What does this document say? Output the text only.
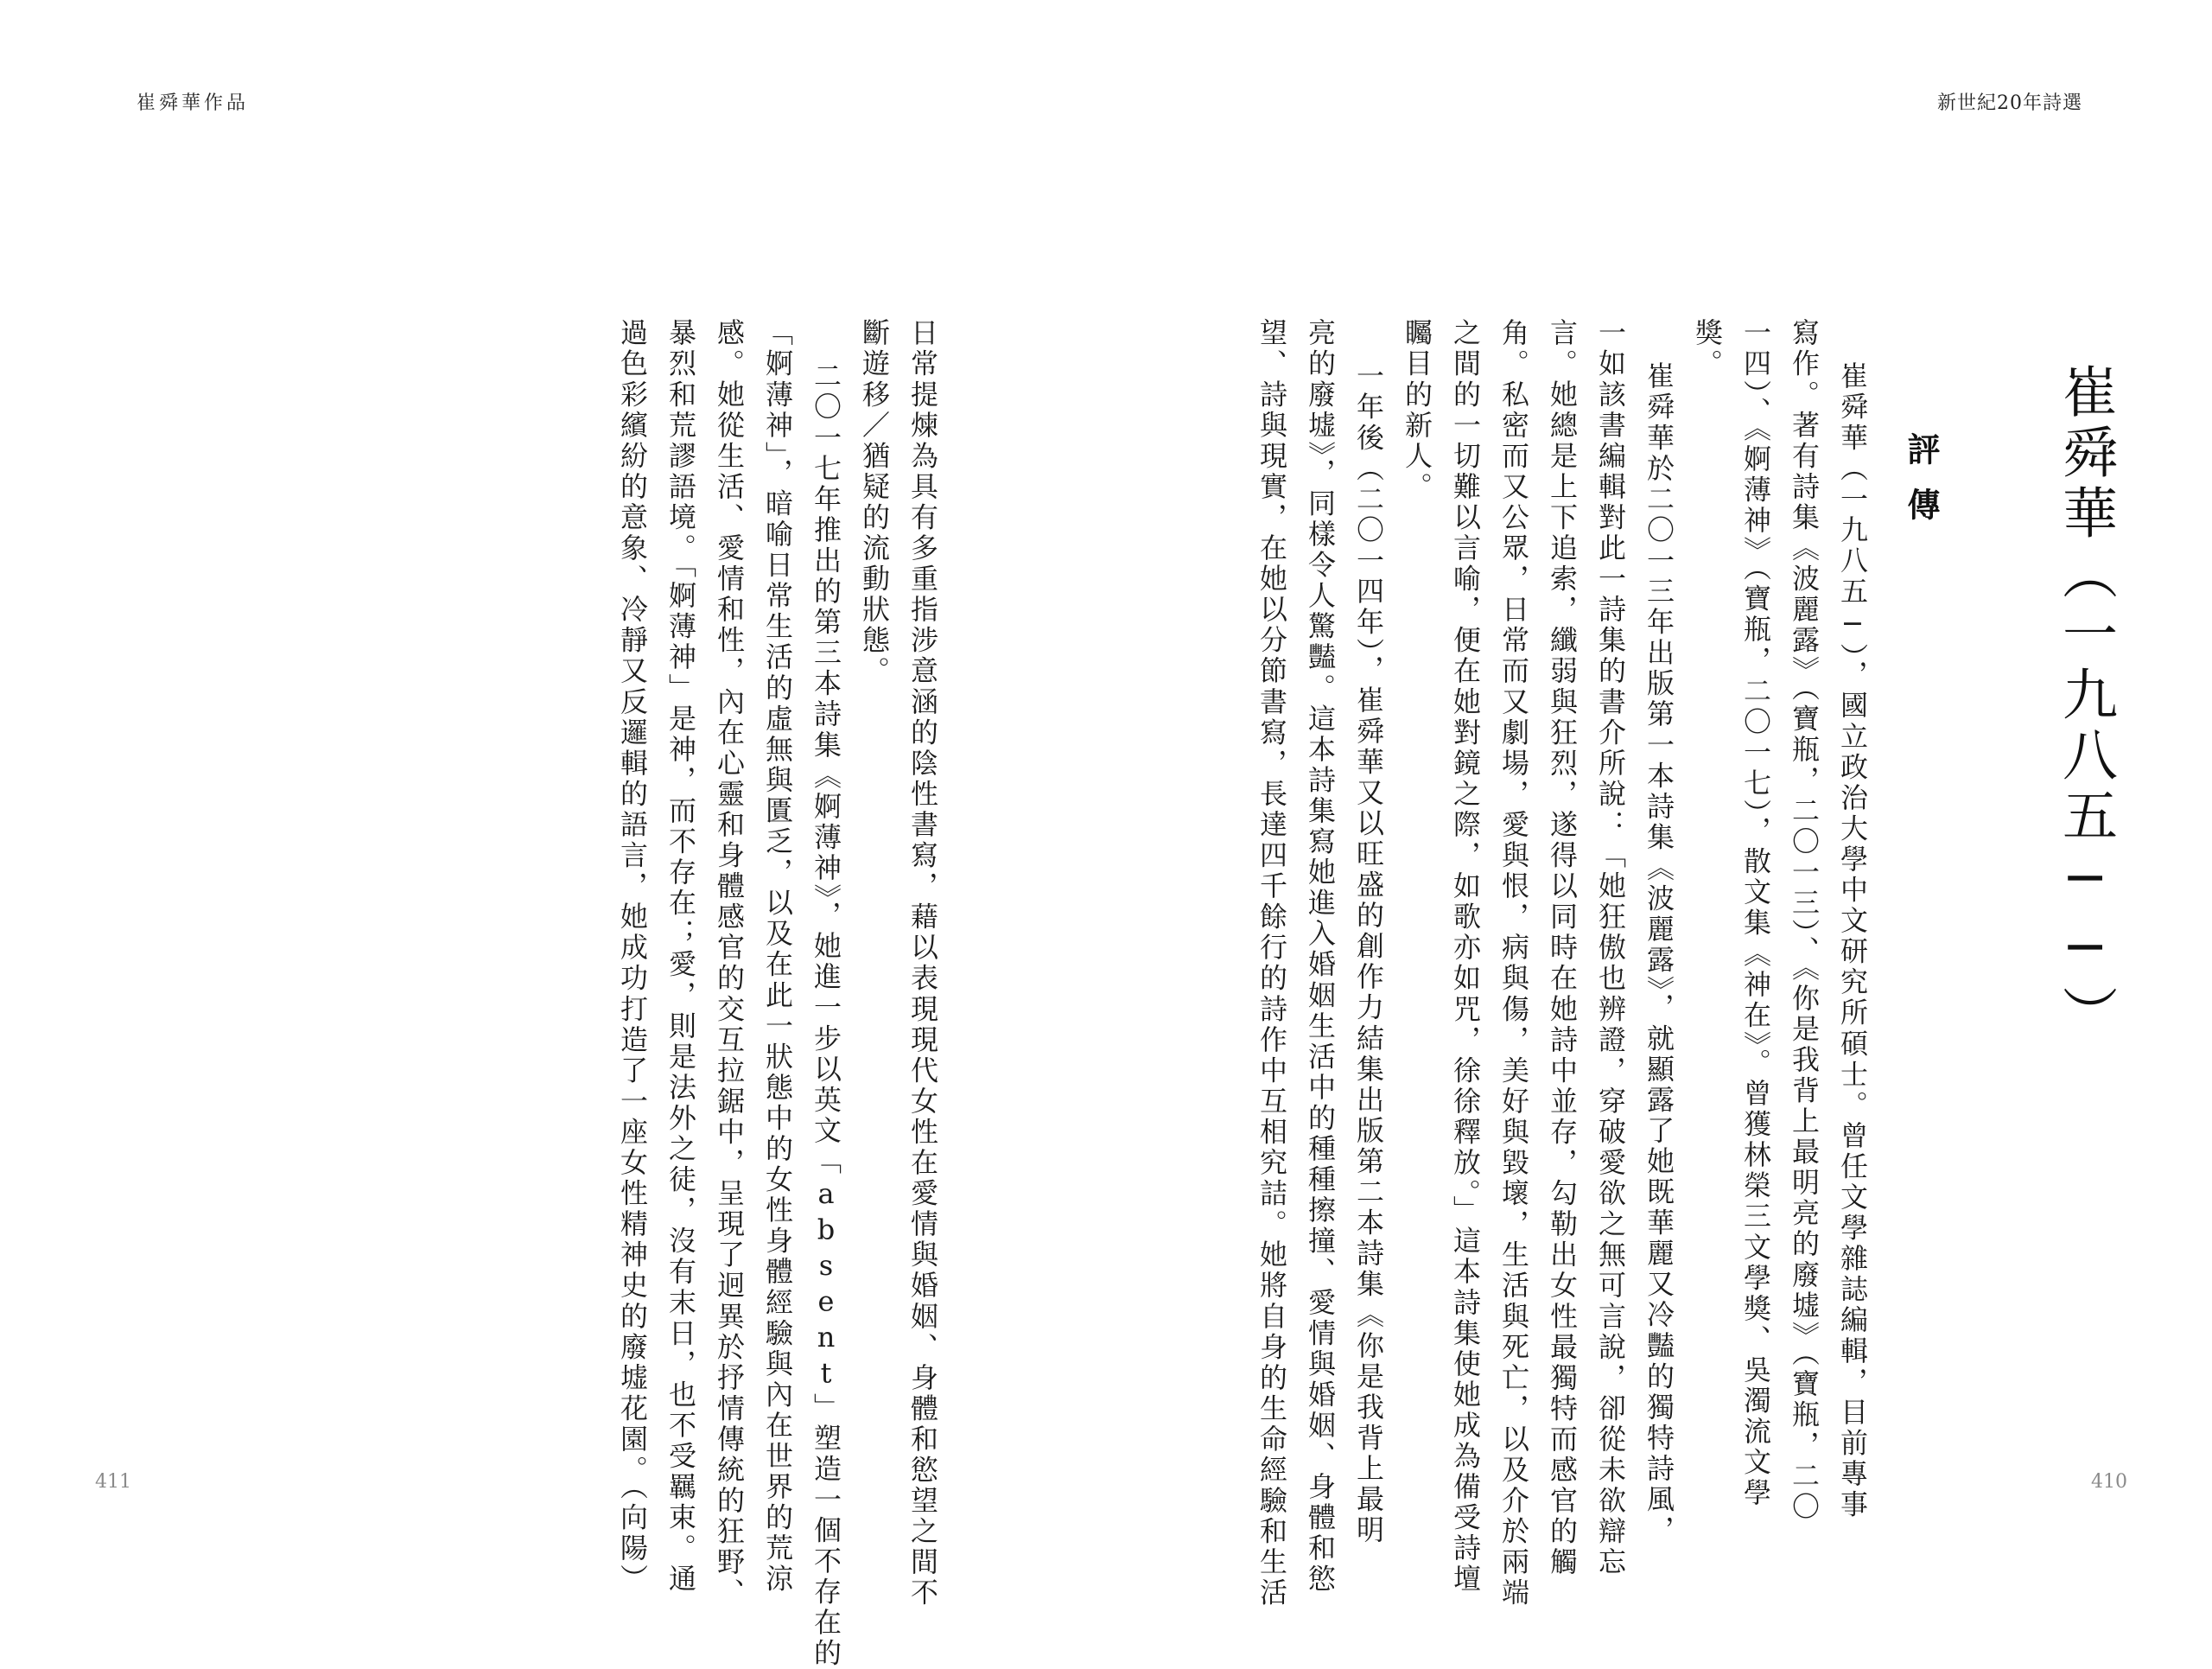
崔舜華作品	新世紀20年詩選
崔舜華（一九八五──）
評傳
崔舜華（一九八五─），國立政治大學中文研究所碩士。曾任文學雜誌編輯，目前專事
寫作。著有詩集《波麗露》（寶瓶，二〇一三）、《你是我背上最明亮的廢墟》（寶瓶，二〇
一四）、《婀薄神》（寶瓶，二〇一七），散文集《神在》。曾獲林榮三文學獎、吳濁流文學
獎。
崔舜華於二〇一三年出版第一本詩集《波麗露》，就顯露了她既華麗又冷豔的獨特詩風，
一如該書編輯對此一詩集的書介所說：「她狂傲也辨證，穿破愛欲之無可言說，卻從未欲辯忘
言。她總是上下追索，纖弱與狂烈，遂得以同時在她詩中並存，勾勒出女性最獨特而感官的觸
角。私密而又公眾，日常而又劇場，愛與恨，病與傷，美好與毀壞，生活與死亡，以及介於兩端
之間的一切難以言喻，便在她對鏡之際，如歌亦如咒，徐徐釋放。」這本詩集使她成為備受詩壇
矚目的新人。
一年後（二〇一四年），崔舜華又以旺盛的創作力結集出版第二本詩集《你是我背上最明
亮的廢墟》，同樣令人驚豔。這本詩集寫她進入婚姻生活中的種種擦撞、愛情與婚姻、身體和慾
望、詩與現實，在她以分節書寫，長達四千餘行的詩作中互相究詰。她將自身的生命經驗和生活
日常提煉為具有多重指涉意涵的陰性書寫，藉以表現現代女性在愛情與婚姻、身體和慾望之間不
斷遊移／猶疑的流動狀態。
二〇一七年推出的第三本詩集《婀薄神》，她進一步以英文「absent」塑造一個不存在的
「婀薄神」，暗喻日常生活的虛無與匱乏，以及在此一狀態中的女性身體經驗與內在世界的荒涼
感。她從生活、愛情和性，內在心靈和身體感官的交互拉鋸中，呈現了迥異於抒情傳統的狂野、
暴烈和荒謬語境。「婀薄神」是神，而不存在；愛，則是法外之徒，沒有末日，也不受羈束。通
過色彩繽紛的意象、冷靜又反邏輯的語言，她成功打造了一座女性精神史的廢墟花園。（向陽）
411	410
